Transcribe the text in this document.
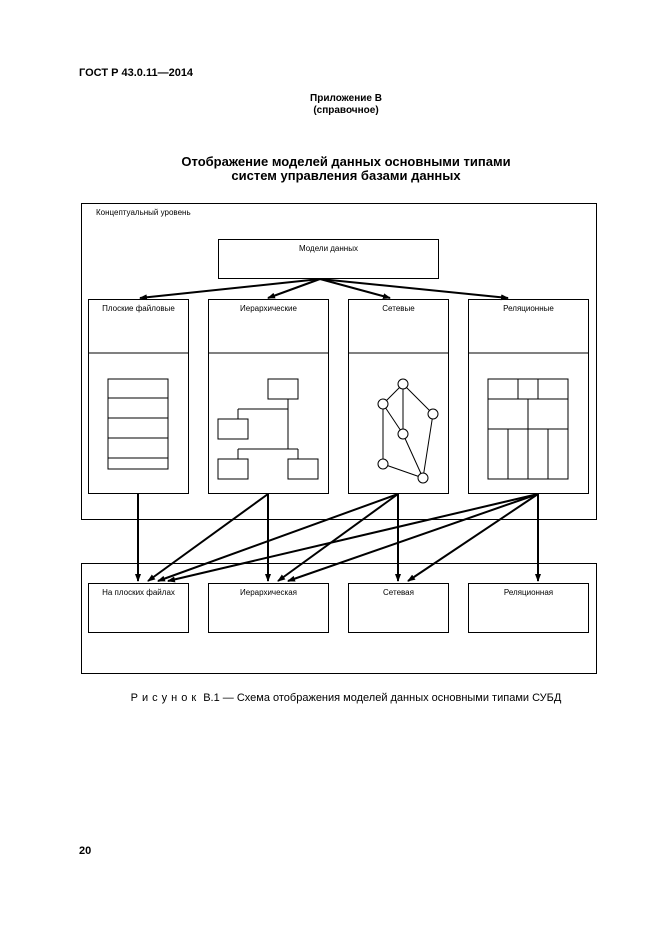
ГОСТ Р 43.0.11—2014
Приложение В
(справочное)
Отображение моделей данных основными типами
систем управления базами данных
Концептуальный уровень
Модели данных
Плоские файловые	Иерархические	Сетевые	Реляционные
На плоских файлах	Иерархическая	Сетевая	Реляционная
Рисунок В.1 — Схема отображения моделей данных основными типами СУБД
20
